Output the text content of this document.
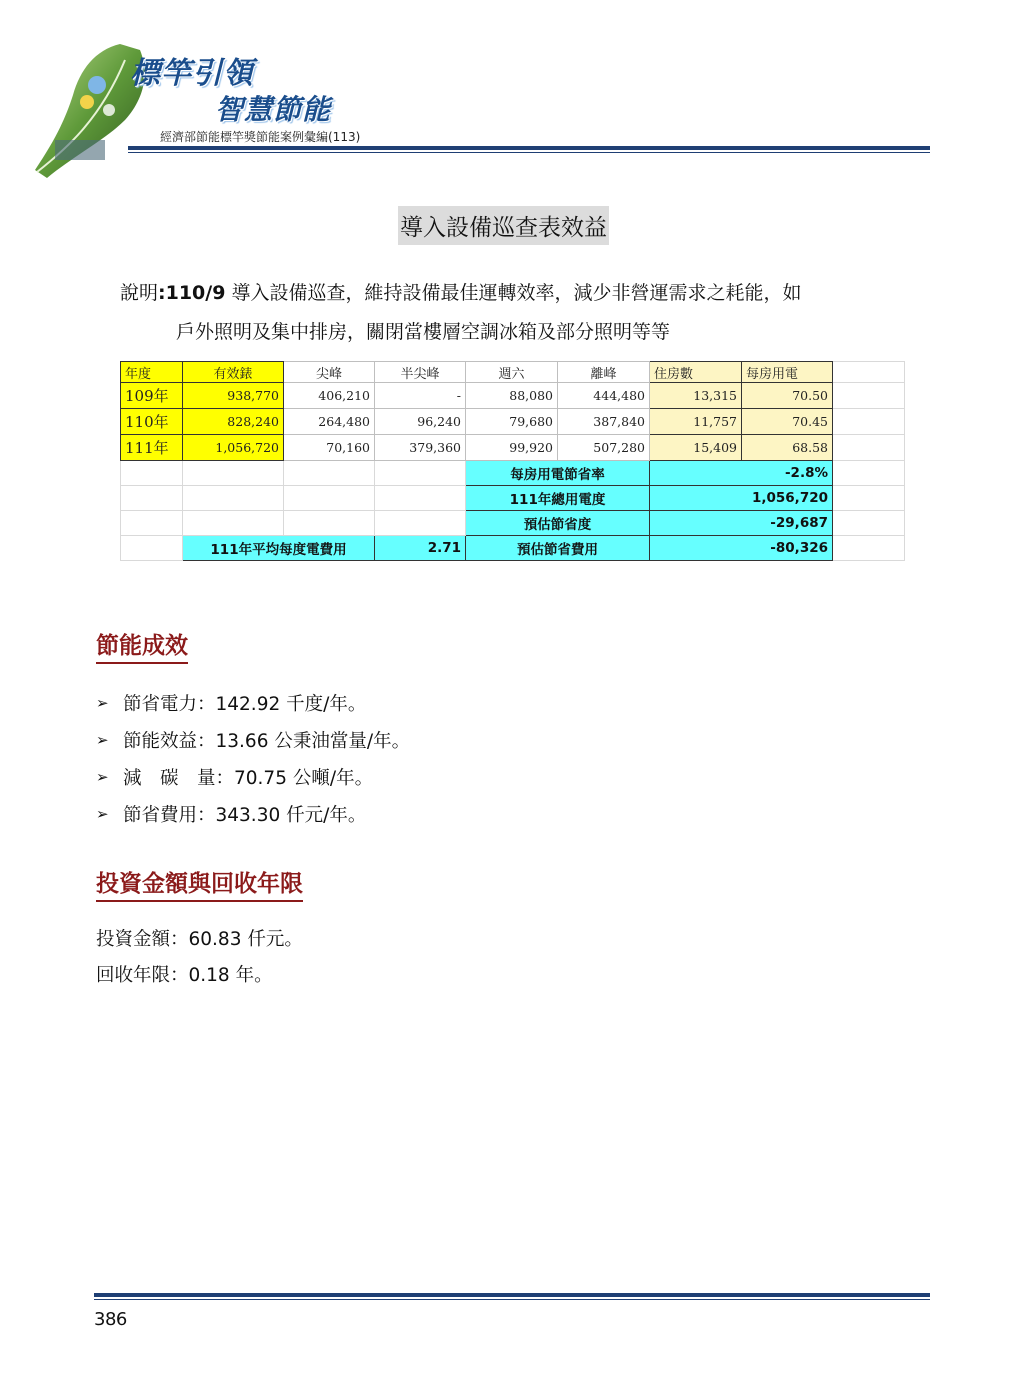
標竿引領
智慧節能
經濟部節能標竿獎節能案例彙編(113)
導入設備巡查表效益
說明:110/9 導入設備巡查，維持設備最佳運轉效率，減少非營運需求之耗能，如
戶外照明及集中排房，關閉當樓層空調冰箱及部分照明等等
年度	有效錶	尖峰	半尖峰	週六	離峰	住房數	每房用電	
109年	938,770	406,210	-	88,080	444,480	13,315	70.50	
110年	828,240	264,480	96,240	79,680	387,840	11,757	70.45	
111年	1,056,720	70,160	379,360	99,920	507,280	15,409	68.58	
				每房用電節省率		-2.8%		
				111年總用電度		1,056,720		
				預估節省度		-29,687		
	111年平均每度電費用		2.71	預估節省費用		-80,326		
節能成效
➢ 節省電力：142.92 千度/年。
➢ 節能效益：13.66 公秉油當量/年。
➢ 減　碳　量：70.75 公噸/年。
➢ 節省費用：343.30 仟元/年。
投資金額與回收年限
投資金額：60.83 仟元。
回收年限：0.18 年。
386
